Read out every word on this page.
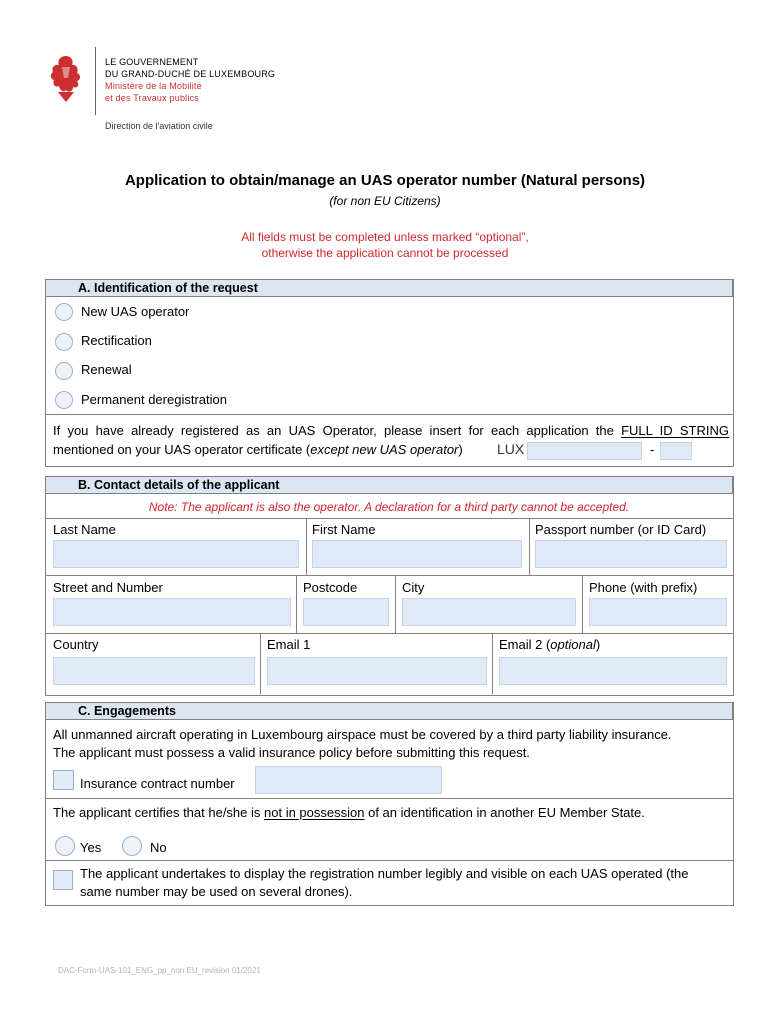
LE GOUVERNEMENT
DU GRAND-DUCHÉ DE LUXEMBOURG
Ministère de la Mobilité
et des Travaux publics
Direction de l'aviation civile
Application to obtain/manage an UAS operator number (Natural persons)
(for non EU Citizens)
All fields must be completed unless marked “optional”,
otherwise the application cannot be processed
A. Identification of the request
New UAS operator
Rectification
Renewal
Permanent deregistration
If you have already registered as an UAS Operator, please insert for each application the FULL ID STRING
mentioned on your UAS operator certificate (except new UAS operator) LUX	-
B. Contact details of the applicant
Note: The applicant is also the operator. A declaration for a third party cannot be accepted.
Last Name	First Name	Passport number (or ID Card)
Street and Number	Postcode	City	Phone (with prefix)
Country	Email 1	Email 2 (optional)
C. Engagements
All unmanned aircraft operating in Luxembourg airspace must be covered by a third party liability insurance.
The applicant must possess a valid insurance policy before submitting this request.
Insurance contract number
The applicant certifies that he/she is not in possession of an identification in another EU Member State.
Yes	No
The applicant undertakes to display the registration number legibly and visible on each UAS operated (the
same number may be used on several drones).
DAC-Form-UAS-101_ENG_pp_non EU_revision 01/2021
